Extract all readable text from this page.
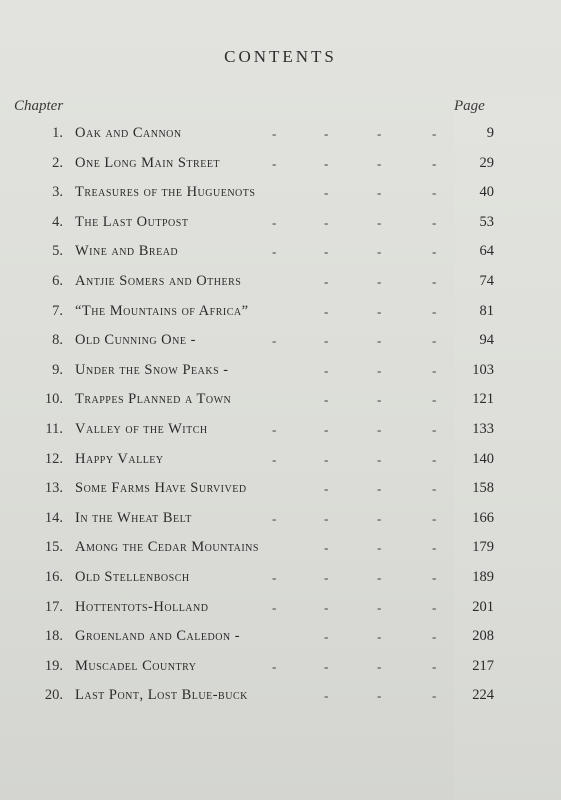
CONTENTS
Chapter	Page
1. Oak and Cannon	-	-	-	-	9
2. One Long Main Street	-	-	-	-	29
3. Treasures of the Huguenots	-	-	-	40
4. The Last Outpost	-	-	-	-	53
5. Wine and Bread	-	-	-	-	64
6. Antjie Somers and Others	-	-	-	74
7. “The Mountains of Africa”	-	-	-	81
8. Old Cunning One -	-	-	-	-	94
9. Under the Snow Peaks -	-	-	- 103
10. Trappes Planned a Town	-	-	- 121
11. Valley of the Witch	-	-	-	- 133
12. Happy Valley	-	-	-	- 140
13. Some Farms Have Survived	-	-	- 158
14. In the Wheat Belt	-	-	-	- 166
15. Among the Cedar Mountains	-	-	- 179
16. Old Stellenbosch	-	-	-	- 189
17. Hottentots-Holland	-	-	-	- 201
18. Groenland and Caledon -	-	-	- 208
19. Muscadel Country	-	-	-	- 217
20. Last Pont, Lost Blue-buck	-	-	- 224
